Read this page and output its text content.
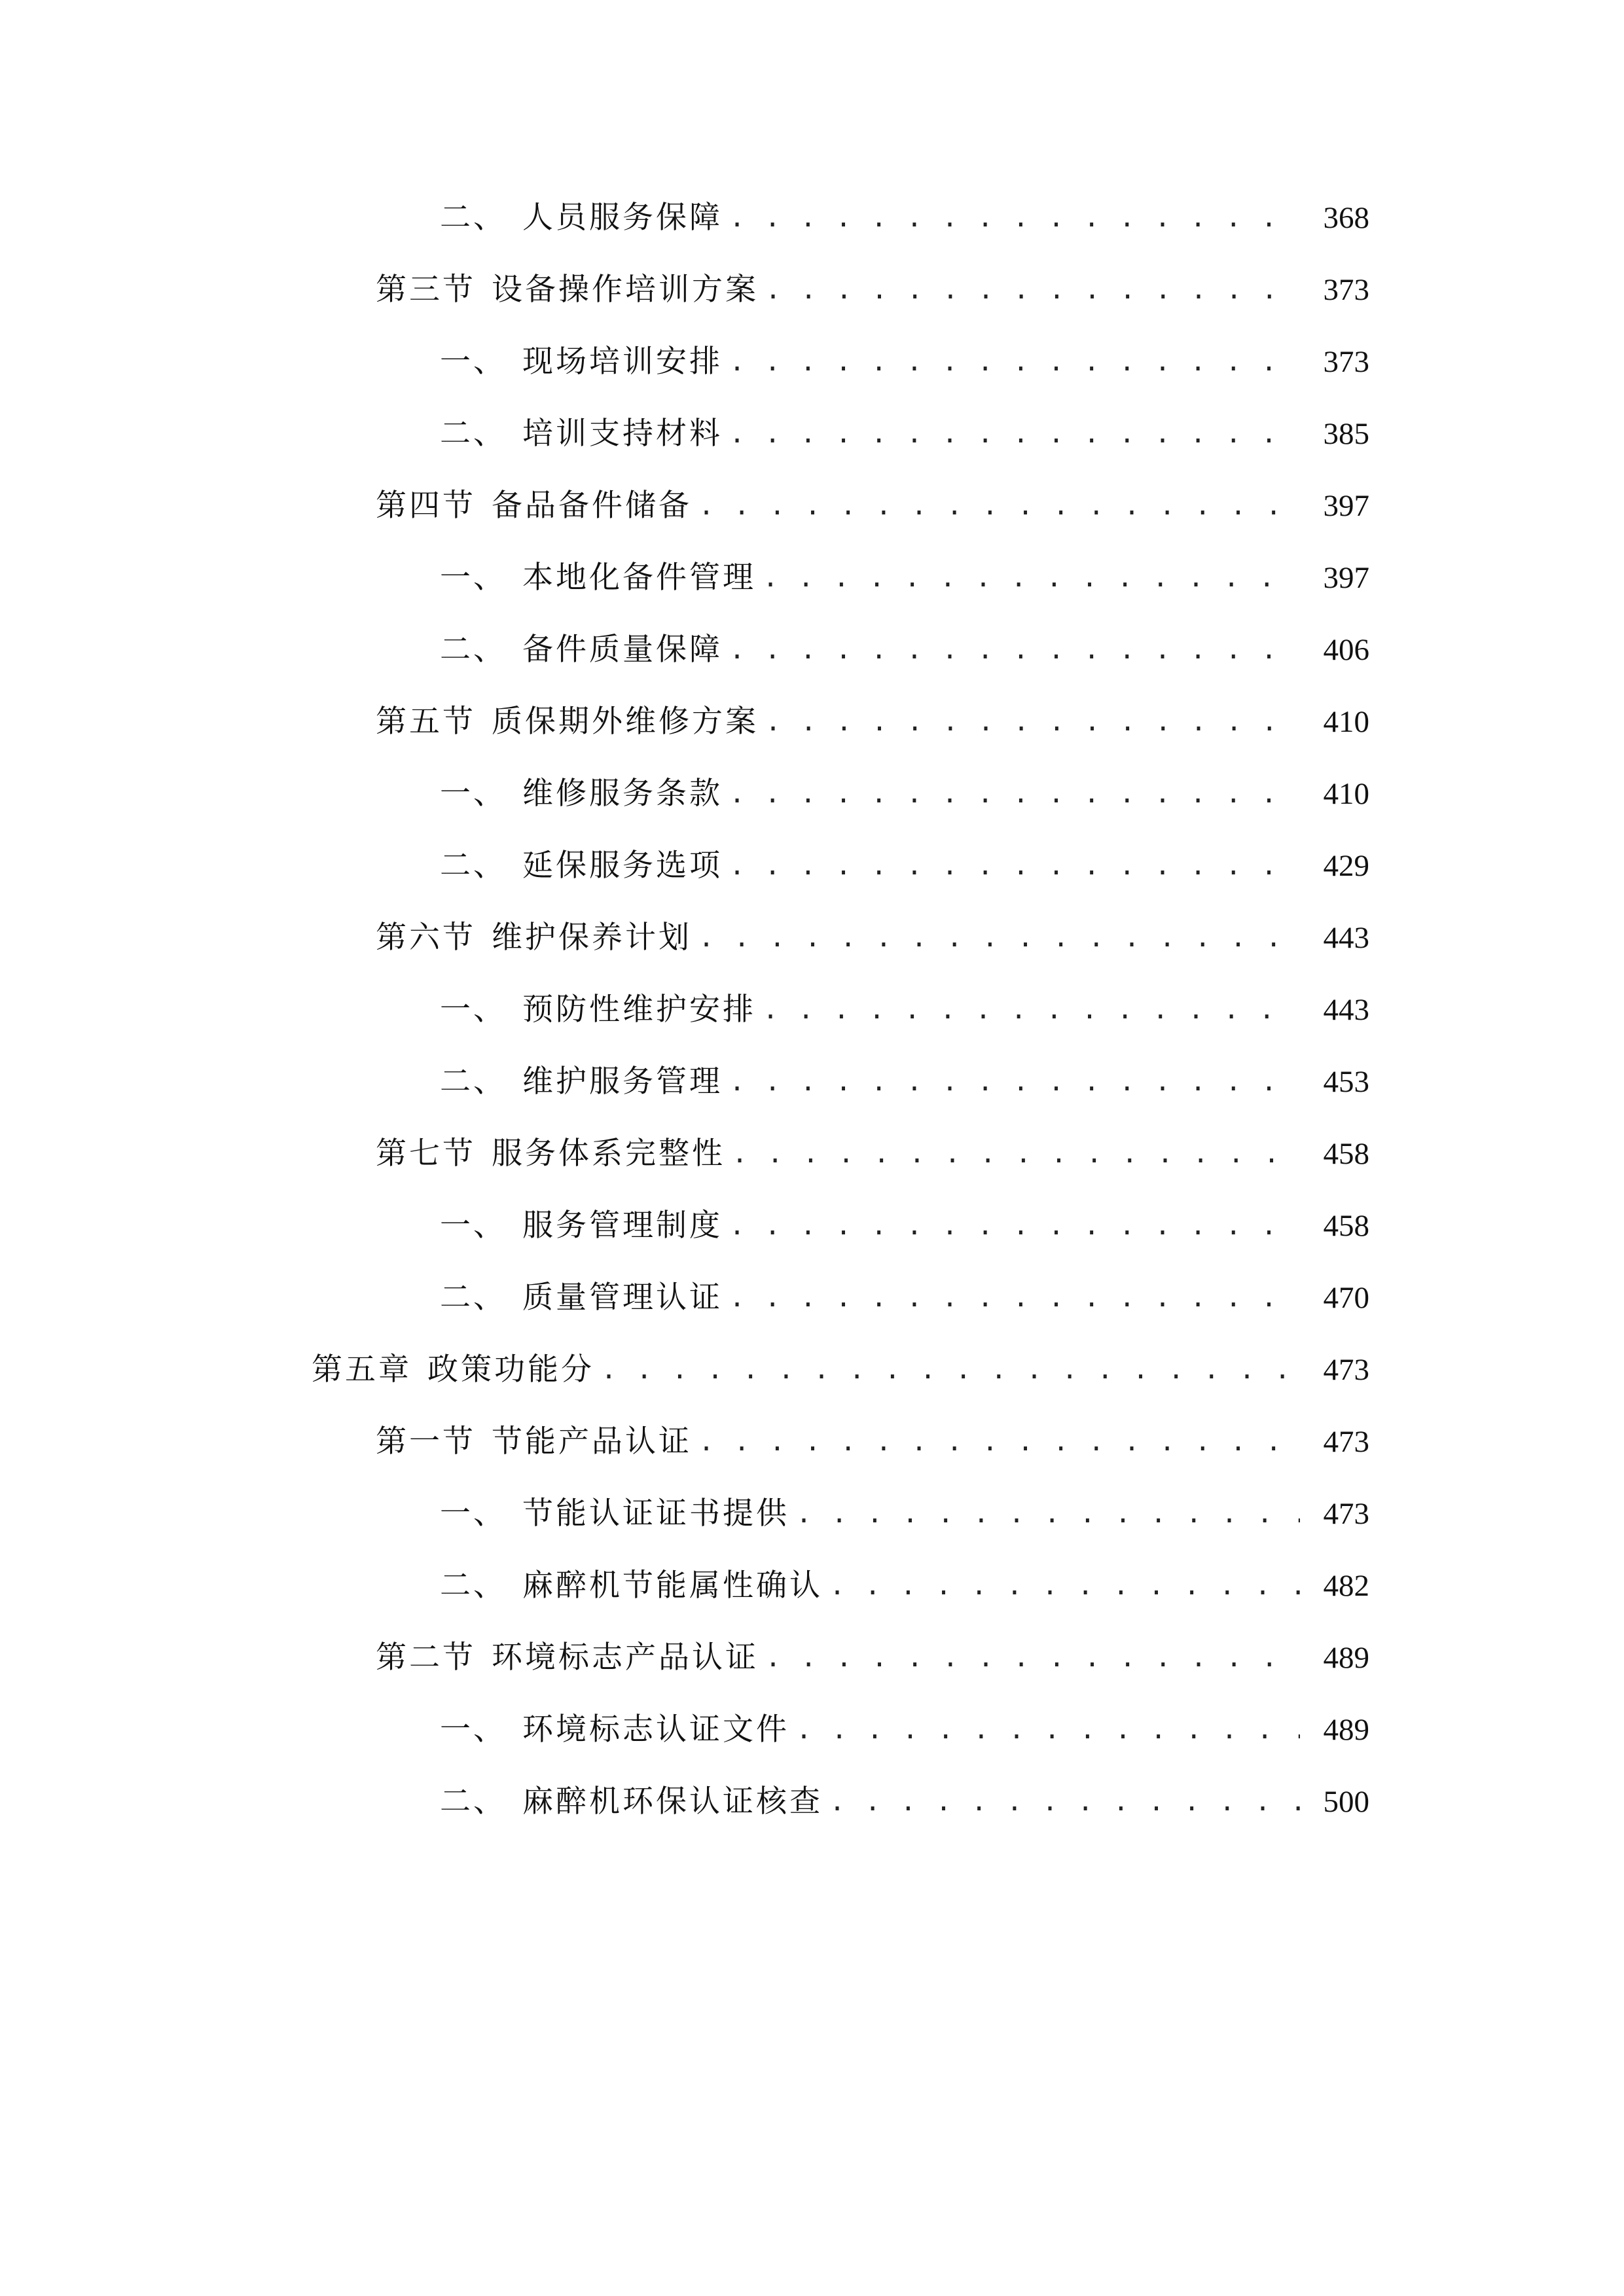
二、 人员服务保障 . . .	368
第三节 设备操作培训方案 . . .	373
一、 现场培训安排 . . .	373
二、 培训支持材料 . . .	385
第四节 备品备件储备 . . .	397
一、 本地化备件管理 . . .	397
二、 备件质量保障 . . .	406
第五节 质保期外维修方案 . . .	410
一、 维修服务条款 . . .	410
二、 延保服务选项 . . .	429
第六节 维护保养计划 . . .	443
一、 预防性维护安排 . . .	443
二、 维护服务管理 . . .	453
第七节 服务体系完整性 . . .	458
一、 服务管理制度 . . .	458
二、 质量管理认证 . . .	470
第五章 政策功能分 . . .	473
第一节 节能产品认证 . . .	473
一、 节能认证证书提供 . . .	473
二、 麻醉机节能属性确认 . . .	482
第二节 环境标志产品认证 . . .	489
一、 环境标志认证文件 . . .	489
二、 麻醉机环保认证核查 . . .	500
